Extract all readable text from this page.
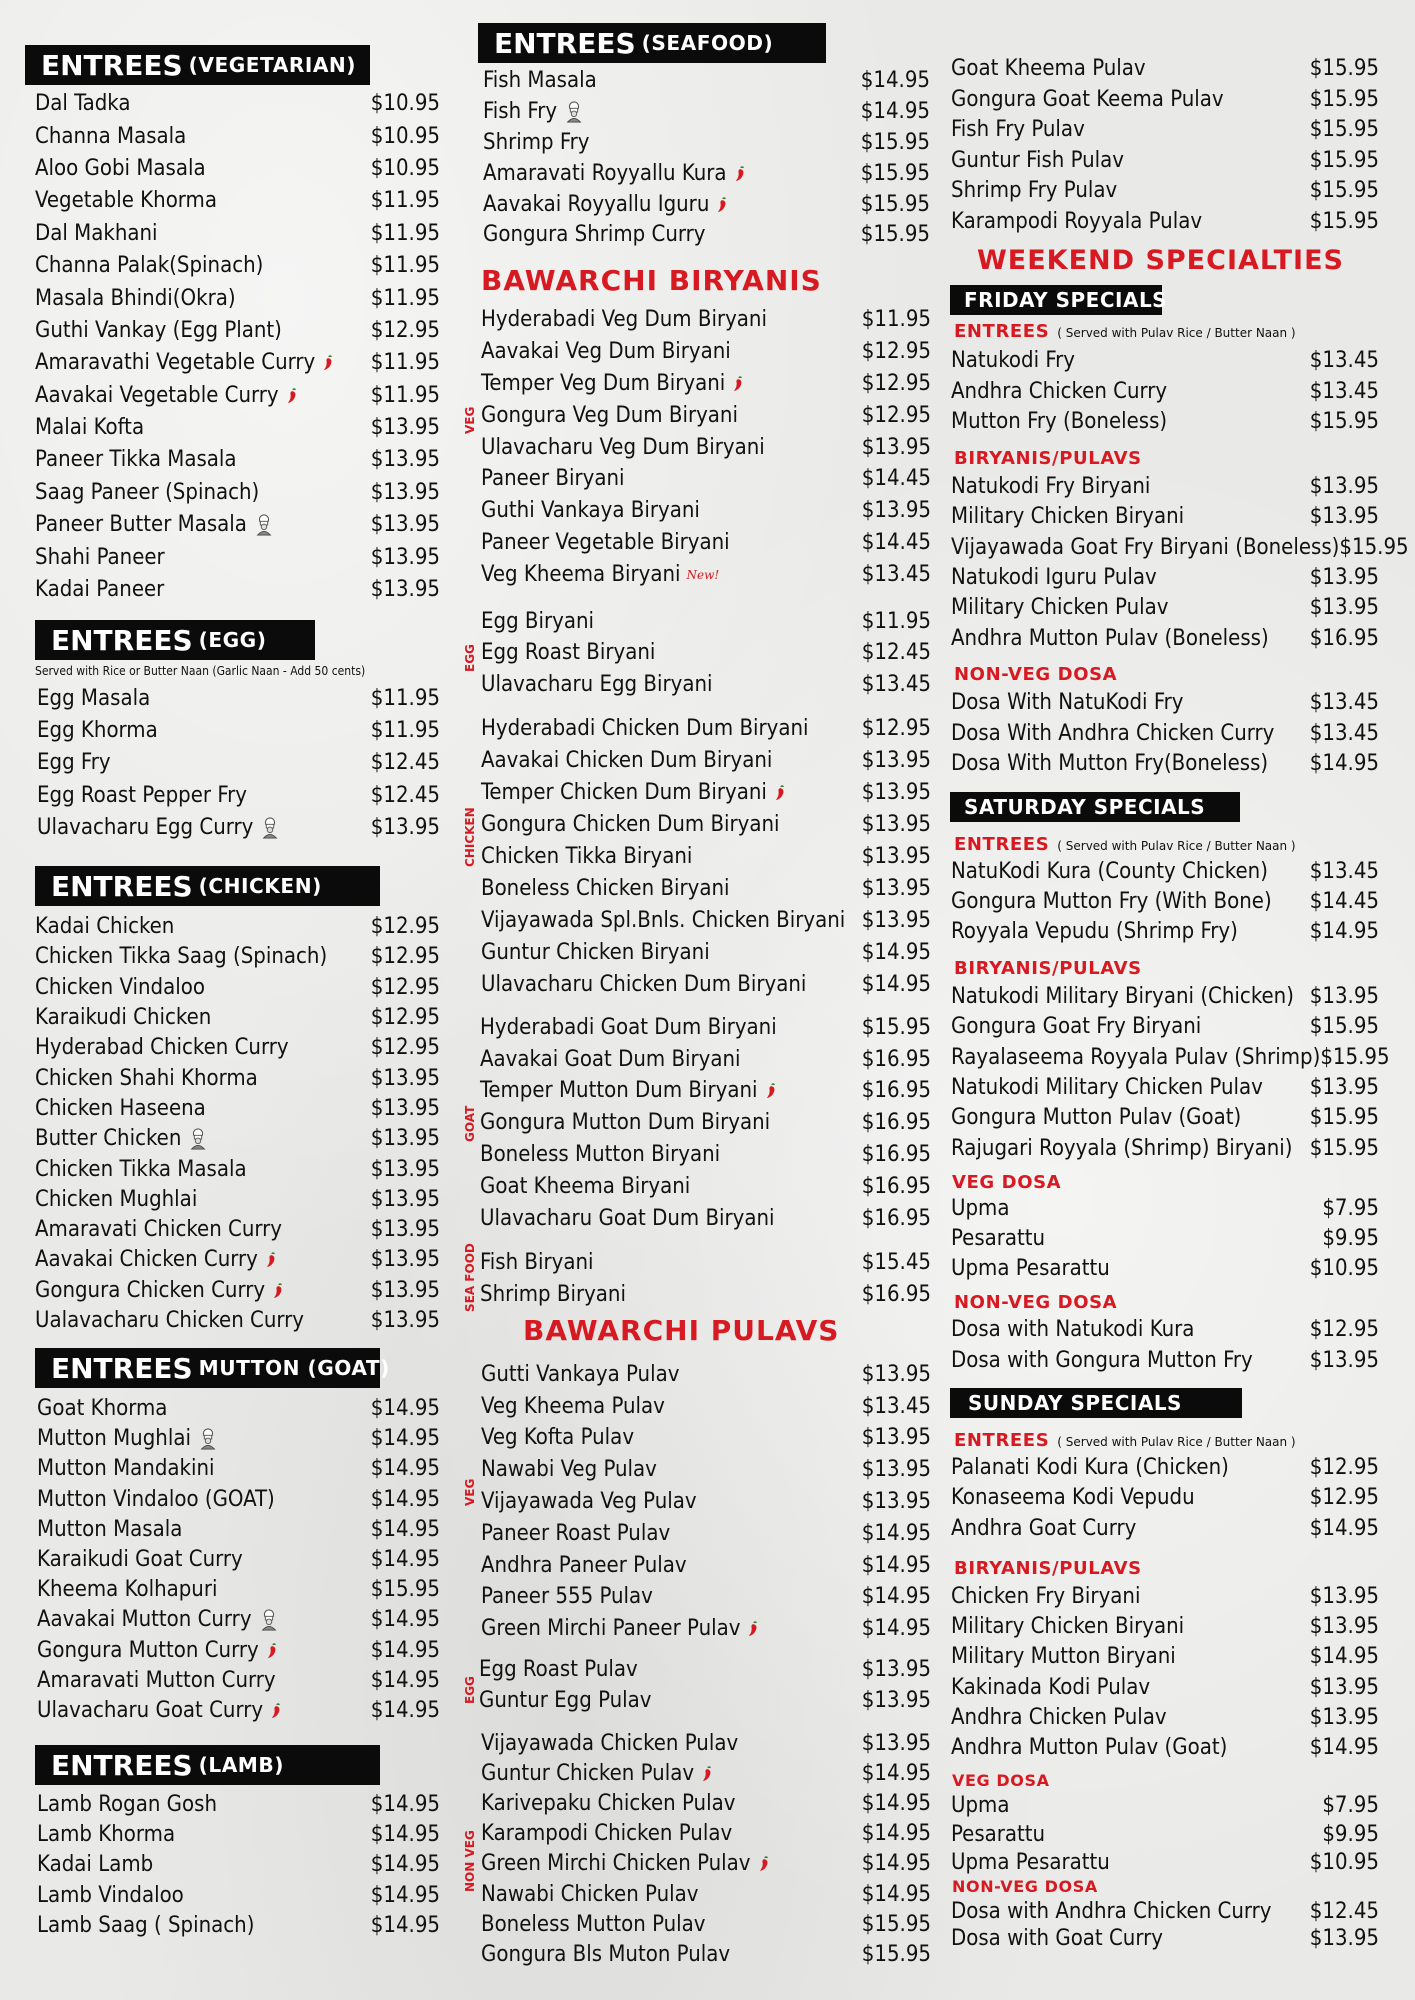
ENTREES (VEGETARIAN)
Dal Tadka	$10.95
Channa Masala	$10.95
Aloo Gobi Masala	$10.95
Vegetable Khorma	$11.95
Dal Makhani	$11.95
Channa Palak(Spinach)	$11.95
Masala Bhindi(Okra)	$11.95
Guthi Vankay (Egg Plant)	$12.95
Amaravathi Vegetable Curry	$11.95
Aavakai Vegetable Curry	$11.95
Malai Kofta	$13.95
Paneer Tikka Masala	$13.95
Saag Paneer (Spinach)	$13.95
Paneer Butter Masala	$13.95
Shahi Paneer	$13.95
Kadai Paneer	$13.95
ENTREES (EGG)
Served with Rice or Butter Naan (Garlic Naan - Add 50 cents)
Egg Masala	$11.95
Egg Khorma	$11.95
Egg Fry	$12.45
Egg Roast Pepper Fry	$12.45
Ulavacharu Egg Curry	$13.95
ENTREES (CHICKEN)
Kadai Chicken	$12.95
Chicken Tikka Saag (Spinach) $12.95
Chicken Vindaloo	$12.95
Karaikudi Chicken	$12.95
Hyderabad Chicken Curry	$12.95
Chicken Shahi Khorma	$13.95
Chicken Haseena	$13.95
Butter Chicken	$13.95
Chicken Tikka Masala	$13.95
Chicken Mughlai	$13.95
Amaravati Chicken Curry	$13.95
Aavakai Chicken Curry	$13.95
Gongura Chicken Curry	$13.95
Ualavacharu Chicken Curry	$13.95
ENTREES MUTTON (GOAT)
Goat Khorma	$14.95
Mutton Mughlai	$14.95
Mutton Mandakini	$14.95
Mutton Vindaloo (GOAT)	$14.95
Mutton Masala	$14.95
Karaikudi Goat Curry	$14.95
Kheema Kolhapuri	$15.95
Aavakai Mutton Curry	$14.95
Gongura Mutton Curry	$14.95
Amaravati Mutton Curry	$14.95
Ulavacharu Goat Curry	$14.95
ENTREES (LAMB)
Lamb Rogan Gosh	$14.95
Lamb Khorma	$14.95
Kadai Lamb	$14.95
Lamb Vindaloo	$14.95
Lamb Saag ( Spinach)	$14.95
ENTREES (SEAFOOD)
Fish Masala	$14.95
Fish Fry	$14.95
Shrimp Fry	$15.95
Amaravati Royyallu Kura	$15.95
Aavakai Royyallu Iguru	$15.95
Gongura Shrimp Curry	$15.95
BAWARCHI BIRYANIS
VEG
Hyderabadi Veg Dum Biryani	$11.95
Aavakai Veg Dum Biryani	$12.95
Temper Veg Dum Biryani	$12.95
Gongura Veg Dum Biryani	$12.95
Ulavacharu Veg Dum Biryani	$13.95
Paneer Biryani	$14.45
Guthi Vankaya Biryani	$13.95
Paneer Vegetable Biryani	$14.45
Veg Kheema Biryani New!	$13.45
EGG
Egg Biryani	$11.95
Egg Roast Biryani	$12.45
Ulavacharu Egg Biryani	$13.45
CHICKEN
Hyderabadi Chicken Dum Biryani $12.95
Aavakai Chicken Dum Biryani	$13.95
Temper Chicken Dum Biryani	$13.95
Gongura Chicken Dum Biryani	$13.95
Chicken Tikka Biryani	$13.95
Boneless Chicken Biryani	$13.95
Vijayawada Spl.Bnls. Chicken Biryani $13.95
Guntur Chicken Biryani	$14.95
Ulavacharu Chicken Dum Biryani	$14.95
GOAT
Hyderabadi Goat Dum Biryani	$15.95
Aavakai Goat Dum Biryani	$16.95
Temper Mutton Dum Biryani	$16.95
Gongura Mutton Dum Biryani	$16.95
Boneless Mutton Biryani	$16.95
Goat Kheema Biryani	$16.95
Ulavacharu Goat Dum Biryani	$16.95
SEA FOOD Fish Biryani	$15.45
Shrimp Biryani	$16.95
BAWARCHI PULAVS
VEG
Gutti Vankaya Pulav	$13.95
Veg Kheema Pulav	$13.45
Veg Kofta Pulav	$13.95
Nawabi Veg Pulav	$13.95
Vijayawada Veg Pulav	$13.95
Paneer Roast Pulav	$14.95
Andhra Paneer Pulav	$14.95
Paneer 555 Pulav	$14.95
Green Mirchi Paneer Pulav	$14.95
EGG
Egg Roast Pulav	$13.95
Guntur Egg Pulav	$13.95
NON VEG
Vijayawada Chicken Pulav	$13.95
Guntur Chicken Pulav	$14.95
Karivepaku Chicken Pulav	$14.95
Karampodi Chicken Pulav	$14.95
Green Mirchi Chicken Pulav	$14.95
Nawabi Chicken Pulav	$14.95
Boneless Mutton Pulav	$15.95
Gongura Bls Muton Pulav	$15.95
Goat Kheema Pulav	$15.95
Gongura Goat Keema Pulav	$15.95
Fish Fry Pulav	$15.95
Guntur Fish Pulav	$15.95
Shrimp Fry Pulav	$15.95
Karampodi Royyala Pulav	$15.95
WEEKEND SPECIALTIES
FRIDAY SPECIALS
ENTREES ( Served with Pulav Rice / Butter Naan )
Natukodi Fry	$13.45
Andhra Chicken Curry	$13.45
Mutton Fry (Boneless)	$15.95
BIRYANIS/PULAVS
Natukodi Fry Biryani	$13.95
Military Chicken Biryani	$13.95
Vijayawada Goat Fry Biryani (Boneless) $15.95
Natukodi Iguru Pulav	$13.95
Military Chicken Pulav	$13.95
Andhra Mutton Pulav (Boneless) $16.95
NON-VEG DOSA
Dosa With NatuKodi Fry	$13.45
Dosa With Andhra Chicken Curry $13.45
Dosa With Mutton Fry(Boneless) $14.95
SATURDAY SPECIALS
ENTREES ( Served with Pulav Rice / Butter Naan )
NatuKodi Kura (County Chicken) $13.45
Gongura Mutton Fry (With Bone) $14.45
Royyala Vepudu (Shrimp Fry)	$14.95
BIRYANIS/PULAVS
Natukodi Military Biryani (Chicken) $13.95
Gongura Goat Fry Biryani	$15.95
Rayalaseema Royyala Pulav (Shrimp) $15.95
Natukodi Military Chicken Pulav $13.95
Gongura Mutton Pulav (Goat)	$15.95
Rajugari Royyala (Shrimp) Biryani) $15.95
VEG DOSA
Upma	$7.95
Pesarattu	$9.95
Upma Pesarattu	$10.95
NON-VEG DOSA
Dosa with Natukodi Kura	$12.95
Dosa with Gongura Mutton Fry	$13.95
SUNDAY SPECIALS
ENTREES ( Served with Pulav Rice / Butter Naan )
Palanati Kodi Kura (Chicken)	$12.95
Konaseema Kodi Vepudu	$12.95
Andhra Goat Curry	$14.95
BIRYANIS/PULAVS
Chicken Fry Biryani	$13.95
Military Chicken Biryani	$13.95
Military Mutton Biryani	$14.95
Kakinada Kodi Pulav	$13.95
Andhra Chicken Pulav	$13.95
Andhra Mutton Pulav (Goat)	$14.95
VEG DOSA
Upma	$7.95
Pesarattu	$9.95
Upma Pesarattu	$10.95
NON-VEG DOSA
Dosa with Andhra Chicken Curry $12.45
Dosa with Goat Curry	$13.95
